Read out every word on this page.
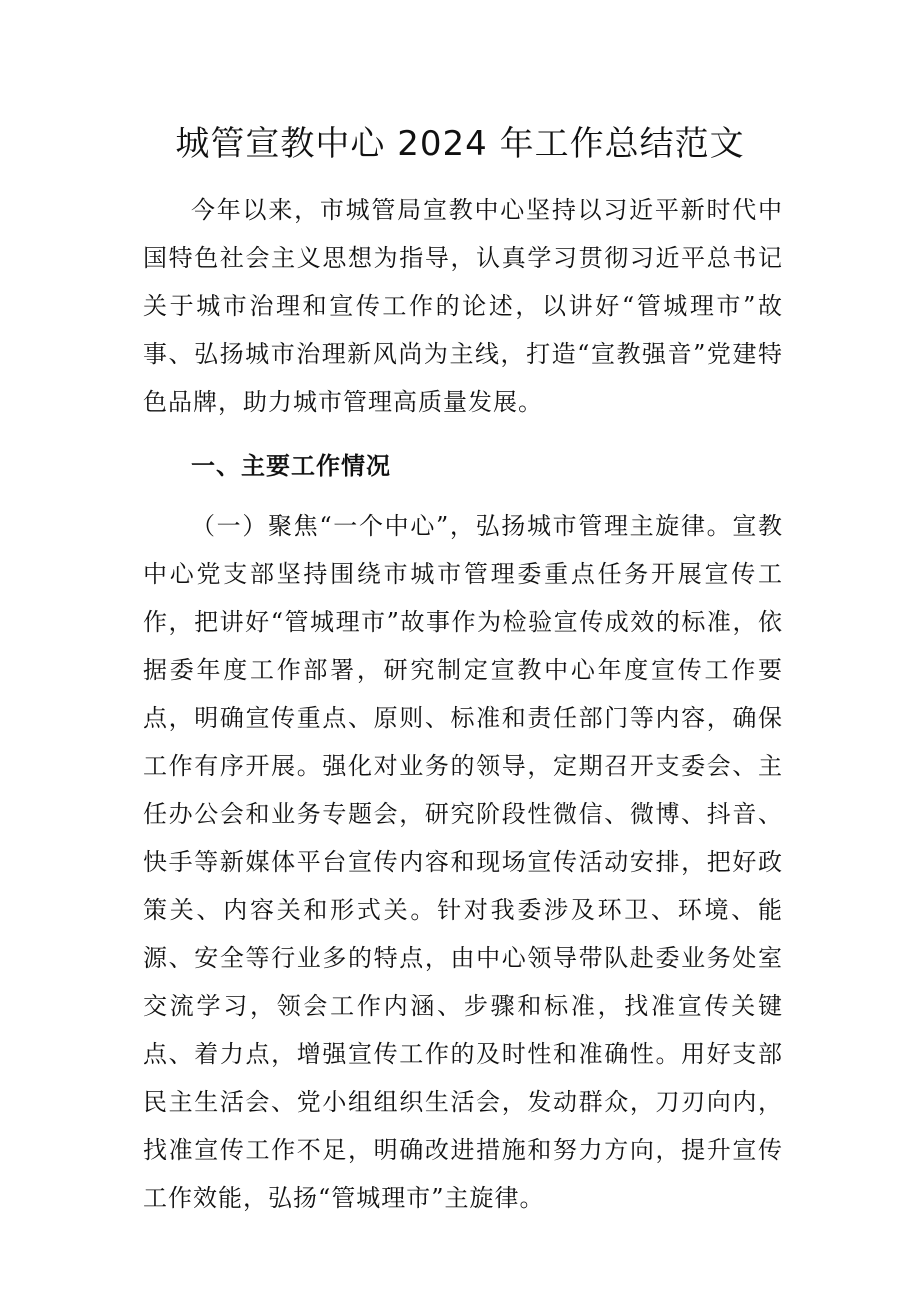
城管宣教中心 2024 年工作总结范文

今年以来，市城管局宣教中心坚持以习近平新时代中国特色社会主义思想为指导，认真学习贯彻习近平总书记关于城市治理和宣传工作的论述，以讲好“管城理市”故事、弘扬城市治理新风尚为主线，打造“宣教强音”党建特色品牌，助力城市管理高质量发展。

一、主要工作情况

（一）聚焦“一个中心”，弘扬城市管理主旋律。宣教中心党支部坚持围绕市城市管理委重点任务开展宣传工作，把讲好“管城理市”故事作为检验宣传成效的标准，依据委年度工作部署，研究制定宣教中心年度宣传工作要点，明确宣传重点、原则、标准和责任部门等内容，确保工作有序开展。强化对业务的领导，定期召开支委会、主任办公会和业务专题会，研究阶段性微信、微博、抖音、快手等新媒体平台宣传内容和现场宣传活动安排，把好政策关、内容关和形式关。针对我委涉及环卫、环境、能源、安全等行业多的特点，由中心领导带队赴委业务处室交流学习，领会工作内涵、步骤和标准，找准宣传关键点、着力点，增强宣传工作的及时性和准确性。用好支部民主生活会、党小组组织生活会，发动群众，刀刃向内，找准宣传工作不足，明确改进措施和努力方向，提升宣传工作效能，弘扬“管城理市”主旋律。
